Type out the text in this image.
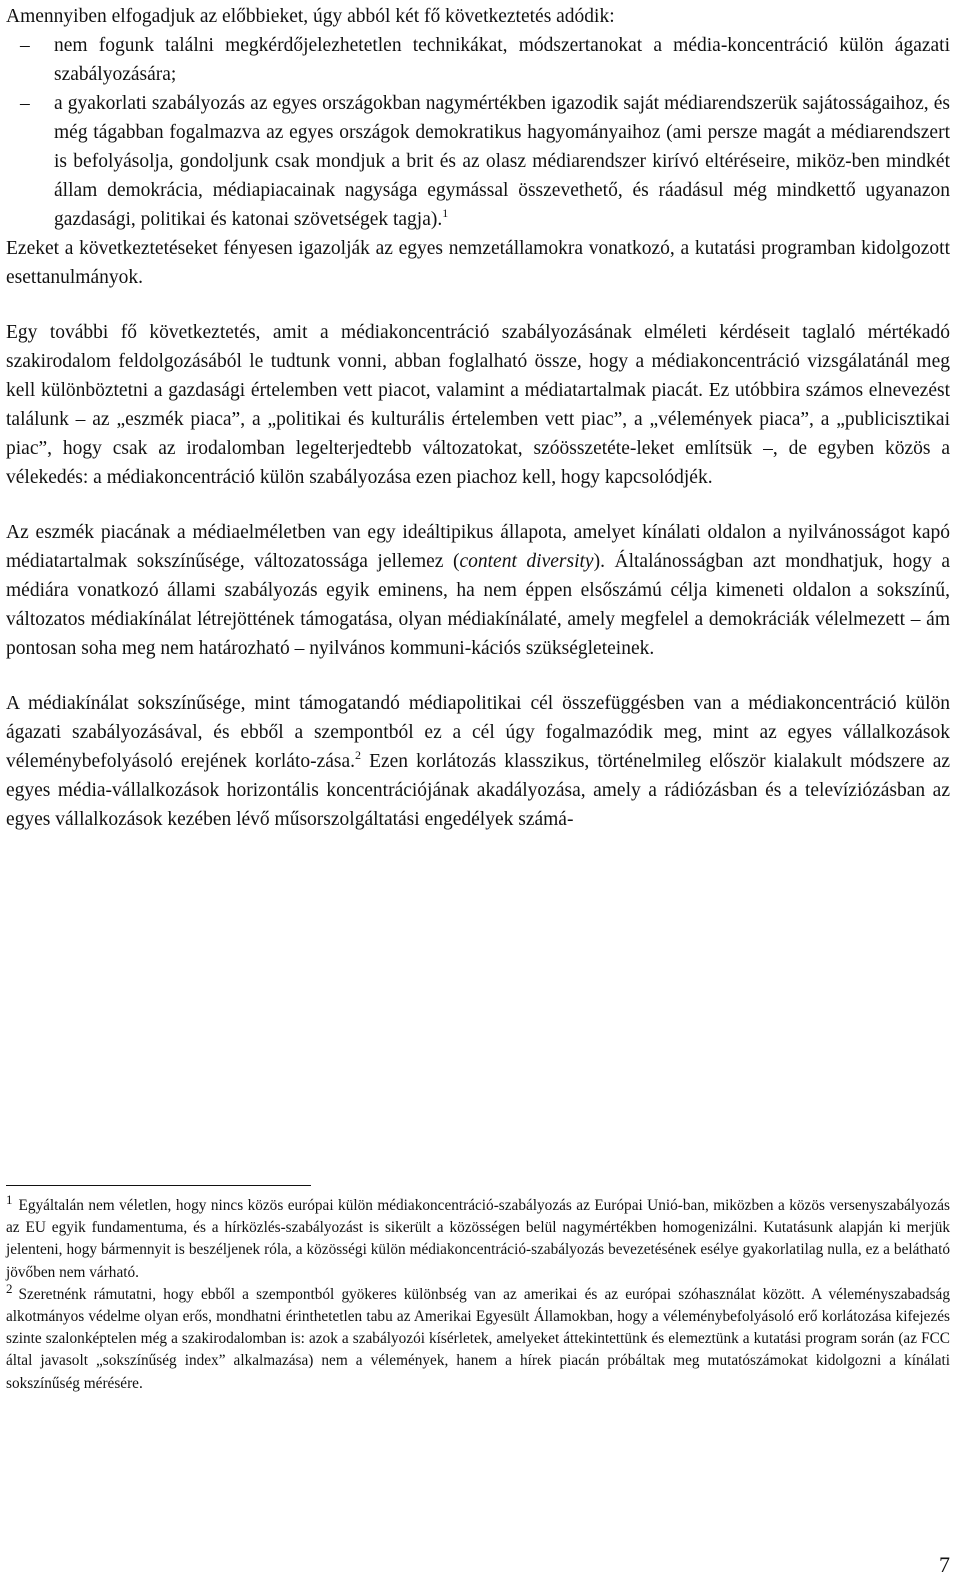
Amennyiben elfogadjuk az előbbieket, úgy abból két fő következtetés adódik:

– nem fogunk találni megkérdőjelezhetetlen technikákat, módszertanokat a média-koncentráció külön ágazati szabályozására;
– a gyakorlati szabályozás az egyes országokban nagymértékben igazodik saját médiarendszerük sajátosságaihoz, és még tágabban fogalmazva az egyes országok demokratikus hagyományaihoz (ami persze magát a médiarendszert is befolyásolja, gondoljunk csak mondjuk a brit és az olasz médiarendszer kirívó eltéréseire, miköz-ben mindkét állam demokrácia, médiapiacainak nagysága egymással összevethető, és ráadásul még mindkettő ugyanazon gazdasági, politikai és katonai szövetségek tagja).$^1$

Ezeket a következtetéseket fényesen igazolják az egyes nemzetállamokra vonatkozó, a kutatási programban kidolgozott esettanulmányok.

Egy további fő következtetés, amit a médiakoncentráció szabályozásának elméleti kérdéseit taglaló mértékadó szakirodalom feldolgozásából le tudtunk vonni, abban foglalható össze, hogy a médiakoncentráció vizsgálatánál meg kell különböztetni a gazdasági értelemben vett piacot, valamint a médiatartalmak piacát. Ez utóbbira számos elnevezést találunk – az „eszmék piaca”, a „politikai és kulturális értelemben vett piac”, a „vélemények piaca”, a „publicisztikai piac”, hogy csak az irodalomban legelterjedtebb változatokat, szóösszetéte-leket említsük –, de egyben közös a vélekedés: a médiakoncentráció külön szabályozása ezen piachoz kell, hogy kapcsolódjék.

Az eszmék piacának a médiaelméletben van egy ideáltipikus állapota, amelyet kínálati oldalon a nyilvánosságot kapó médiatartalmak sokszínűsége, változatossága jellemez (content diversity). Általánosságban azt mondhatjuk, hogy a médiára vonatkozó állami szabályozás egyik eminens, ha nem éppen elsőszámú célja kimeneti oldalon a sokszínű, változatos médiakínálat létrejöttének támogatása, olyan médiakínálaté, amely megfelel a demokráciák vélelmezett – ám pontosan soha meg nem határozható – nyilvános kommuni-kációs szükségleteinek.

A médiakínálat sokszínűsége, mint támogatandó médiapolitikai cél összefüggésben van a médiakoncentráció külön ágazati szabályozásával, és ebből a szempontból ez a cél úgy fogalmazódik meg, mint az egyes vállalkozások véleménybefolyásoló erejének korláto-zása.$^2$ Ezen korlátozás klasszikus, történelmileg először kialakult módszere az egyes média-vállalkozások horizontális koncentrációjának akadályozása, amely a rádiózásban és a televíziózásban az egyes vállalkozások kezében lévő műsorszolgáltatási engedélyek számá-

$^1$ Egyáltalán nem véletlen, hogy nincs közös európai külön médiakoncentráció-szabályozás az Európai Unió-ban, miközben a közös versenyszabályozás az EU egyik fundamentuma, és a hírközlés-szabályozást is sikerült a közösségen belül nagymértékben homogenizálni. Kutatásunk alapján ki merjük jelenteni, hogy bármennyit is beszéljenek róla, a közösségi külön médiakoncentráció-szabályozás bevezetésének esélye gyakorlatilag nulla, ez a belátható jövőben nem várható.

$^2$ Szeretnénk rámutatni, hogy ebből a szempontból gyökeres különbség van az amerikai és az európai szóhasználat között. A véleményszabadság alkotmányos védelme olyan erős, mondhatni érinthetetlen tabu az Amerikai Egyesült Államokban, hogy a véleménybefolyásoló erő korlátozása kifejezés szinte szalonképtelen még a szakirodalomban is: azok a szabályozói kísérletek, amelyeket áttekintettünk és elemeztünk a kutatási program során (az FCC által javasolt „sokszínűség index” alkalmazása) nem a vélemények, hanem a hírek piacán próbáltak meg mutatószámokat kidolgozni a kínálati sokszínűség mérésére.

7
